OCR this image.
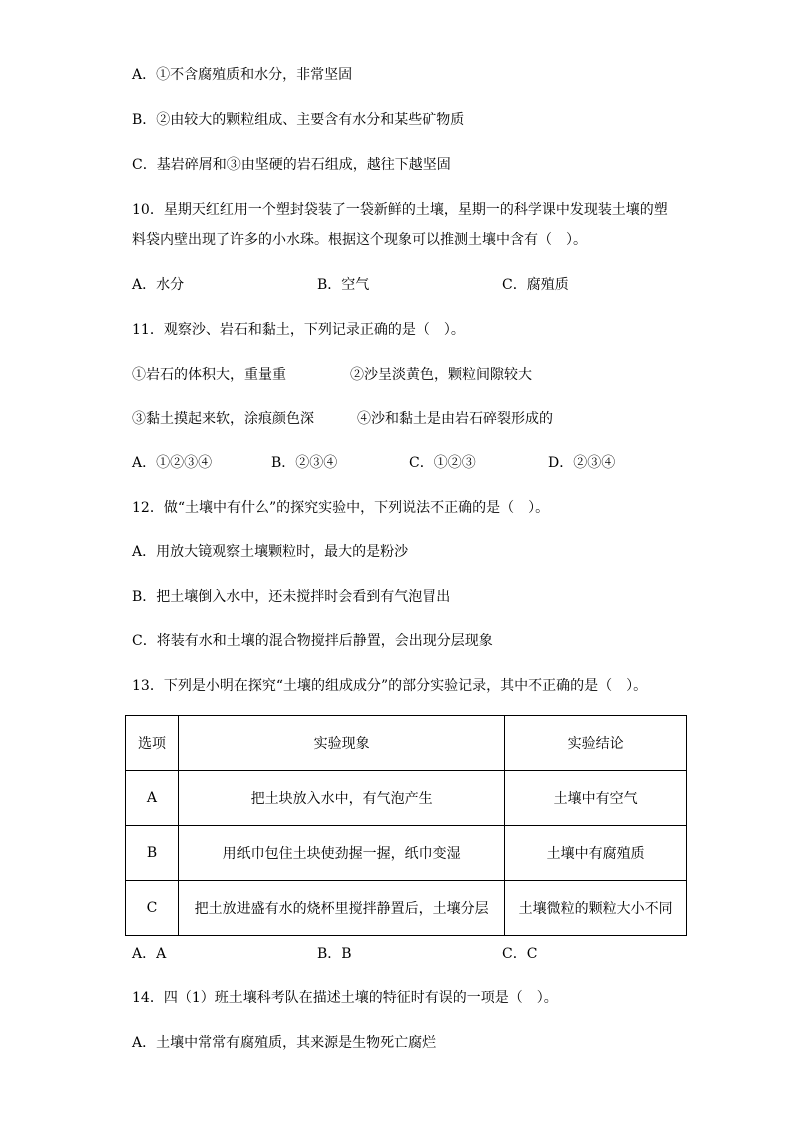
A．①不含腐殖质和水分，非常坚固
B．②由较大的颗粒组成、主要含有水分和某些矿物质
C．基岩碎屑和③由坚硬的岩石组成，越往下越坚固
10．星期天红红用一个塑封袋装了一袋新鲜的土壤，星期一的科学课中发现装土壤的塑
料袋内壁出现了许多的小水珠。根据这个现象可以推测土壤中含有（　）。
A．水分	B．空气	C．腐殖质
11．观察沙、岩石和黏土，下列记录正确的是（　）。
①岩石的体积大，重量重	②沙呈淡黄色，颗粒间隙较大
③黏土摸起来软，涂痕颜色深	④沙和黏土是由岩石碎裂形成的
A．①②③④	B．②③④	C．①②③	D．②③④
12．做“土壤中有什么”的探究实验中，下列说法不正确的是（　）。
A．用放大镜观察土壤颗粒时，最大的是粉沙
B．把土壤倒入水中，还未搅拌时会看到有气泡冒出
C．将装有水和土壤的混合物搅拌后静置，会出现分层现象
13．下列是小明在探究“土壤的组成成分”的部分实验记录，其中不正确的是（　）。
选项	实验现象	实验结论
A	把土块放入水中，有气泡产生	土壤中有空气
B	用纸巾包住土块使劲握一握，纸巾变湿	土壤中有腐殖质
C	把土放进盛有水的烧杯里搅拌静置后，土壤分层	土壤微粒的颗粒大小不同
A．A	B．B	C．C
14．四（1）班土壤科考队在描述土壤的特征时有误的一项是（　）。
A．土壤中常常有腐殖质，其来源是生物死亡腐烂
